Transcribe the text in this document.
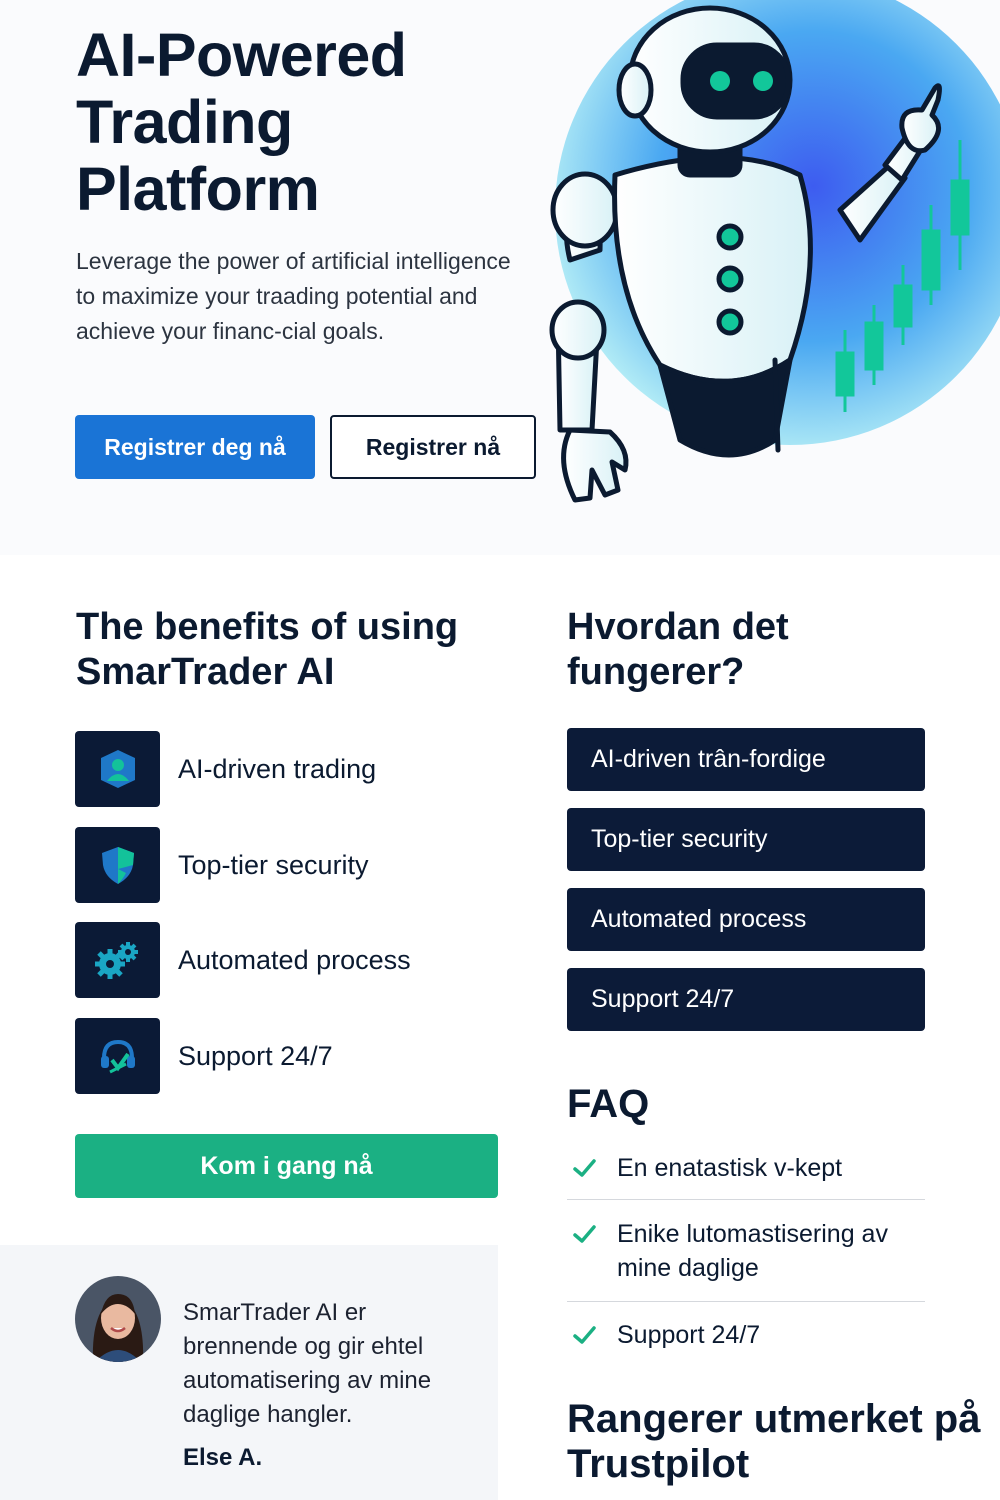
AI-Powered Trading Platform

Leverage the power of artificial intelligence to maximize your traading potential and achieve your financ-cial goals.

Registrer deg nå	Registrer nå
The benefits of using SmarTrader AI
AI-driven trading
Top-tier security
Automated process
Support 24/7
Kom i gang nå
Hvordan det fungerer?
AI-driven trân-fordige
Top-tier security
Automated process
Support 24/7
FAQ
En enatastisk v-kept
Enike lutomastisering av mine daglige
Support 24/7

SmarTrader AI er brennende og gir ehtel automatisering av mine daglige hangler.

Else A.
Rangerer utmerket på Trustpilot
